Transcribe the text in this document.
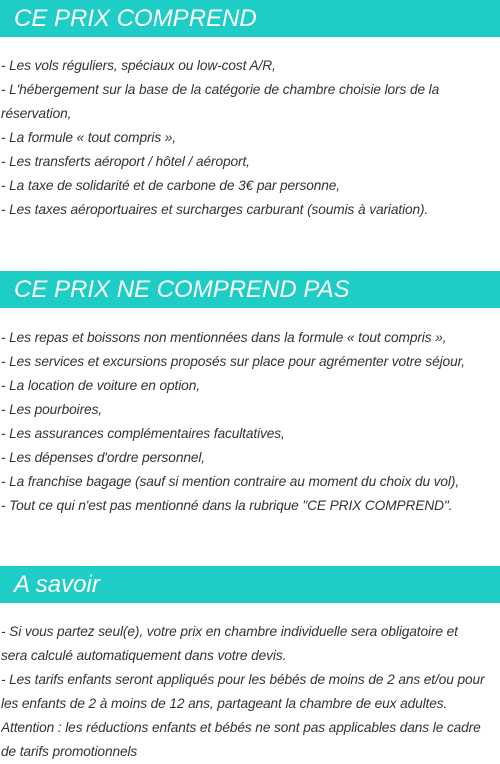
CE PRIX COMPREND

- Les vols réguliers, spéciaux ou low-cost A/R,

- L'hébergement sur la base de la catégorie de chambre choisie lors de la

réservation,

- La formule « tout compris »,

- Les transferts aéroport / hôtel / aéroport,

- La taxe de solidarité et de carbone de 3€ par personne,

- Les taxes aéroportuaires et surcharges carburant (soumis à variation).

CE PRIX NE COMPREND PAS

- Les repas et boissons non mentionnées dans la formule « tout compris »,

- Les services et excursions proposés sur place pour agrémenter votre séjour,

- La location de voiture en option,

- Les pourboires,

- Les assurances complémentaires facultatives,

- Les dépenses d'ordre personnel,

- La franchise bagage (sauf si mention contraire au moment du choix du vol),

- Tout ce qui n'est pas mentionné dans la rubrique "CE PRIX COMPREND".

A savoir

- Si vous partez seul(e), votre prix en chambre individuelle sera obligatoire et

sera calculé automatiquement dans votre devis.

- Les tarifs enfants seront appliqués pour les bébés de moins de 2 ans et/ou pour

les enfants de 2 à moins de 12 ans, partageant la chambre de eux adultes.

Attention : les réductions enfants et bébés ne sont pas applicables dans le cadre

de tarifs promotionnels
